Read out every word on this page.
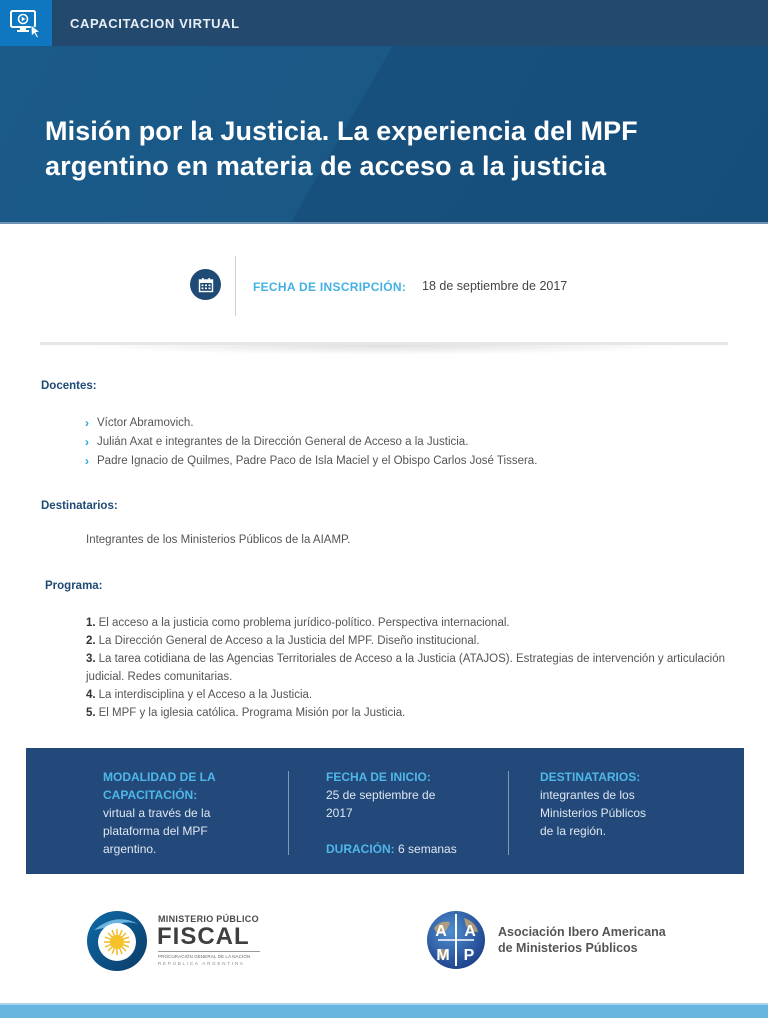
CAPACITACION VIRTUAL
Misión por la Justicia. La experiencia del MPF argentino en materia de acceso a la justicia
FECHA DE INSCRIPCIÓN: 18 de septiembre de 2017
Docentes:
› Víctor Abramovich.
› Julián Axat e integrantes de la Dirección General de Acceso a la Justicia.
› Padre Ignacio de Quilmes, Padre Paco de Isla Maciel y el Obispo Carlos José Tissera.
Destinatarios:
Integrantes de los Ministerios Públicos de la AIAMP.
Programa:
1. El acceso a la justicia como problema jurídico-político. Perspectiva internacional.
2. La Dirección General de Acceso a la Justicia del MPF. Diseño institucional.
3. La tarea cotidiana de las Agencias Territoriales de Acceso a la Justicia (ATAJOS). Estrategias de intervención y articulación judicial. Redes comunitarias.
4. La interdisciplina y el Acceso a la Justicia.
5. El MPF y la iglesia católica. Programa Misión por la Justicia.
MODALIDAD DE LA
CAPACITACIÓN:
virtual a través de la
plataforma del MPF
argentino.
FECHA DE INICIO:
25 de septiembre de
2017
DURACIÓN: 6 semanas
DESTINATARIOS:
integrantes de los
Ministerios Públicos
de la región.
MINISTERIO PÚBLICO
FISCAL
PROCURACIÓN GENERAL DE LA NACIÓN
REPÚBLICA ARGENTINA
A A
I
M P
Asociación Ibero Americana
de Ministerios Públicos
